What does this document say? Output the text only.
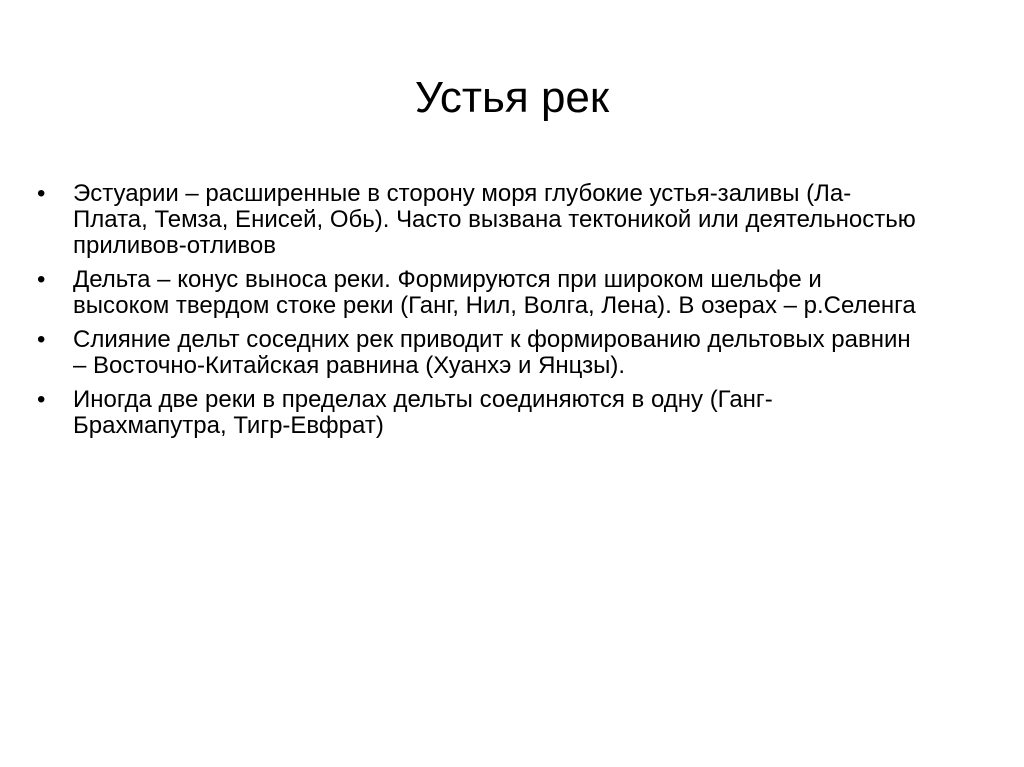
Устья рек
•	Эстуарии – расширенные в сторону моря глубокие устья-заливы (Ла-
Плата, Темза, Енисей, Обь). Часто вызвана тектоникой или деятельностью
приливов-отливов
•	Дельта – конус выноса реки. Формируются при широком шельфе и
высоком твердом стоке реки (Ганг, Нил, Волга, Лена). В озерах – р.Селенга
•	Слияние дельт соседних рек приводит к формированию дельтовых равнин
– Восточно-Китайская равнина (Хуанхэ и Янцзы).
•	Иногда две реки в пределах дельты соединяются в одну (Ганг-
Брахмапутра, Тигр-Евфрат)
